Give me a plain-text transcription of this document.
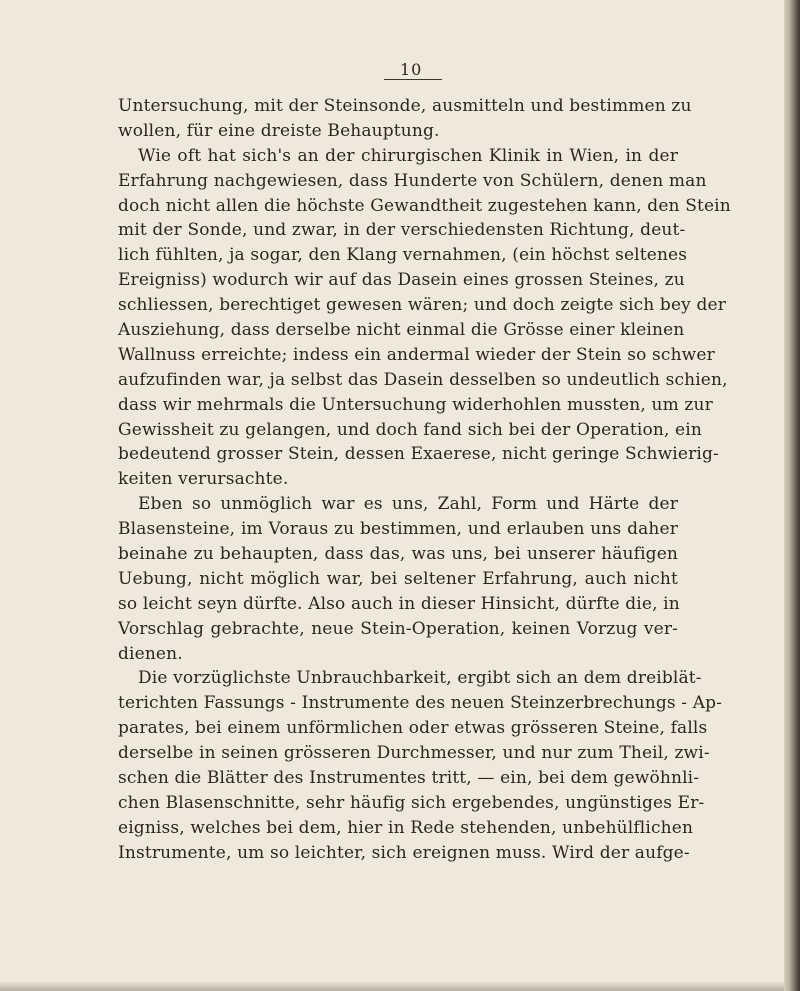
10
Untersuchung, mit der Steinsonde, ausmitteln und bestimmen zu
wollen, für eine dreiste Behauptung.
Wie oft hat sich's an der chirurgischen Klinik in Wien, in der
Erfahrung nachgewiesen, dass Hunderte von Schülern, denen man
doch nicht allen die höchste Gewandtheit zugestehen kann, den Stein
mit der Sonde, und zwar, in der verschiedensten Richtung, deut-
lich fühlten, ja sogar, den Klang vernahmen, (ein höchst seltenes
Ereigniss) wodurch wir auf das Dasein eines grossen Steines, zu
schliessen, berechtiget gewesen wären; und doch zeigte sich bey der
Ausziehung, dass derselbe nicht einmal die Grösse einer kleinen
Wallnuss erreichte; indess ein andermal wieder der Stein so schwer
aufzufinden war, ja selbst das Dasein desselben so undeutlich schien,
dass wir mehrmals die Untersuchung widerhohlen mussten, um zur
Gewissheit zu gelangen, und doch fand sich bei der Operation, ein
bedeutend grosser Stein, dessen Exaerese, nicht geringe Schwierig-
keiten verursachte.
Eben so unmöglich war es uns, Zahl, Form und Härte der
Blasensteine, im Voraus zu bestimmen, und erlauben uns daher
beinahe zu behaupten, dass das, was uns, bei unserer häufigen
Uebung, nicht möglich war, bei seltener Erfahrung, auch nicht
so leicht seyn dürfte. Also auch in dieser Hinsicht, dürfte die, in
Vorschlag gebrachte, neue Stein-Operation, keinen Vorzug ver-
dienen.
Die vorzüglichste Unbrauchbarkeit, ergibt sich an dem dreiblät-
terichten Fassungs - Instrumente des neuen Steinzerbrechungs - Ap-
parates, bei einem unförmlichen oder etwas grösseren Steine, falls
derselbe in seinen grösseren Durchmesser, und nur zum Theil, zwi-
schen die Blätter des Instrumentes tritt, — ein, bei dem gewöhnli-
chen Blasenschnitte, sehr häufig sich ergebendes, ungünstiges Er-
eigniss, welches bei dem, hier in Rede stehenden, unbehülflichen
Instrumente, um so leichter, sich ereignen muss. Wird der aufge-
